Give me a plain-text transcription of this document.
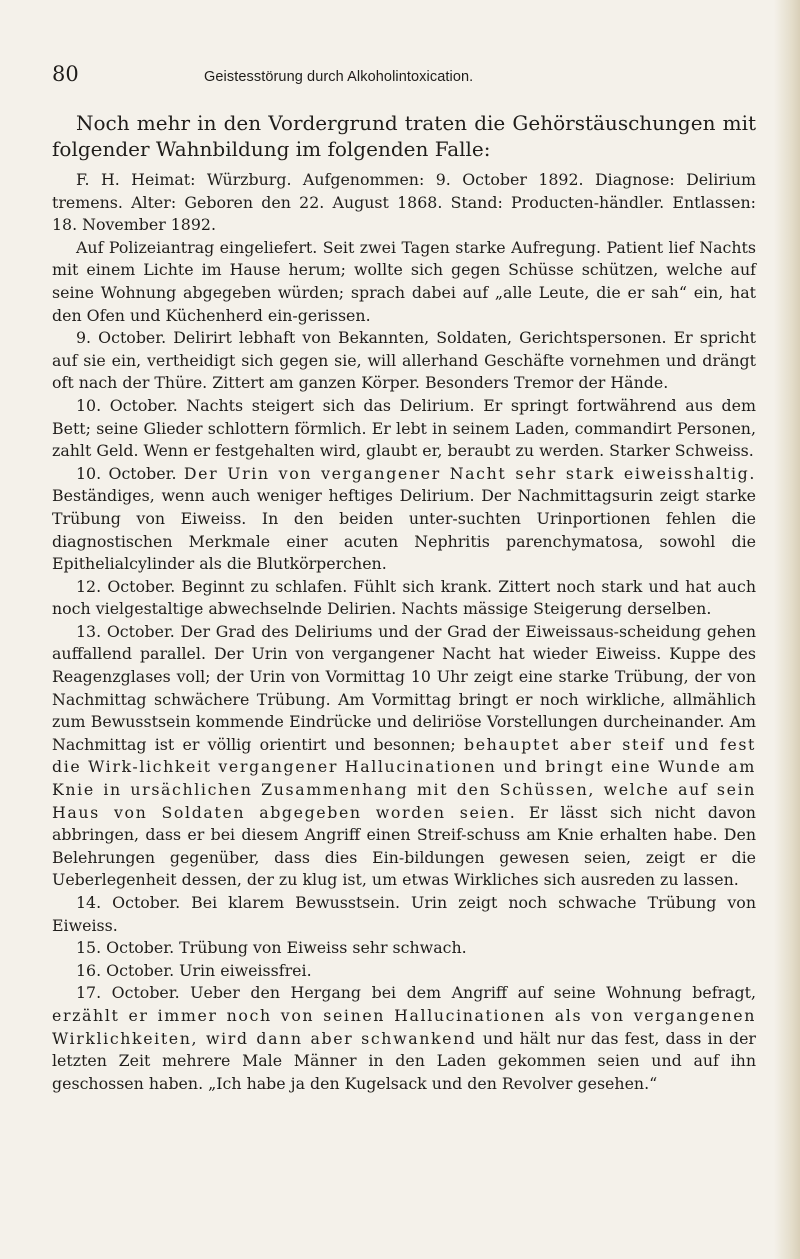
80	Geistesstörung durch Alkoholintoxication.

Noch mehr in den Vordergrund traten die Gehörstäuschungen mit folgender Wahnbildung im folgenden Falle:

F. H. Heimat: Würzburg. Aufgenommen: 9. October 1892. Diagnose: Delirium tremens. Alter: Geboren den 22. August 1868. Stand: Producten-händler. Entlassen: 18. November 1892.

Auf Polizeiantrag eingeliefert. Seit zwei Tagen starke Aufregung. Patient lief Nachts mit einem Lichte im Hause herum; wollte sich gegen Schüsse schützen, welche auf seine Wohnung abgegeben würden; sprach dabei auf „alle Leute, die er sah“ ein, hat den Ofen und Küchenherd ein-gerissen.

9. October. Delirirt lebhaft von Bekannten, Soldaten, Gerichtspersonen. Er spricht auf sie ein, vertheidigt sich gegen sie, will allerhand Geschäfte vornehmen und drängt oft nach der Thüre. Zittert am ganzen Körper. Besonders Tremor der Hände.

10. October. Nachts steigert sich das Delirium. Er springt fortwährend aus dem Bett; seine Glieder schlottern förmlich. Er lebt in seinem Laden, commandirt Personen, zahlt Geld. Wenn er festgehalten wird, glaubt er, beraubt zu werden. Starker Schweiss.

10. October. Der Urin von vergangener Nacht sehr stark eiweisshaltig. Beständiges, wenn auch weniger heftiges Delirium. Der Nachmittagsurin zeigt starke Trübung von Eiweiss. In den beiden unter-suchten Urinportionen fehlen die diagnostischen Merkmale einer acuten Nephritis parenchymatosa, sowohl die Epithelialcylinder als die Blutkörperchen.

12. October. Beginnt zu schlafen. Fühlt sich krank. Zittert noch stark und hat auch noch vielgestaltige abwechselnde Delirien. Nachts mässige Steigerung derselben.

13. October. Der Grad des Deliriums und der Grad der Eiweissaus-scheidung gehen auffallend parallel. Der Urin von vergangener Nacht hat wieder Eiweiss. Kuppe des Reagenzglases voll; der Urin von Vormittag 10 Uhr zeigt eine starke Trübung, der von Nachmittag schwächere Trübung. Am Vormittag bringt er noch wirkliche, allmählich zum Bewusstsein kommende Eindrücke und deliriöse Vorstellungen durcheinander. Am Nachmittag ist er völlig orientirt und besonnen; behauptet aber steif und fest die Wirk-lichkeit vergangener Hallucinationen und bringt eine Wunde am Knie in ursächlichen Zusammenhang mit den Schüssen, welche auf sein Haus von Soldaten abgegeben worden seien. Er lässt sich nicht davon abbringen, dass er bei diesem Angriff einen Streif-schuss am Knie erhalten habe. Den Belehrungen gegenüber, dass dies Ein-bildungen gewesen seien, zeigt er die Ueberlegenheit dessen, der zu klug ist, um etwas Wirkliches sich ausreden zu lassen.

14. October. Bei klarem Bewusstsein. Urin zeigt noch schwache Trübung von Eiweiss.

15. October. Trübung von Eiweiss sehr schwach.

16. October. Urin eiweissfrei.

17. October. Ueber den Hergang bei dem Angriff auf seine Wohnung befragt, erzählt er immer noch von seinen Hallucinationen als von vergangenen Wirklichkeiten, wird dann aber schwankend und hält nur das fest, dass in der letzten Zeit mehrere Male Männer in den Laden gekommen seien und auf ihn geschossen haben. „Ich habe ja den Kugelsack und den Revolver gesehen.“
